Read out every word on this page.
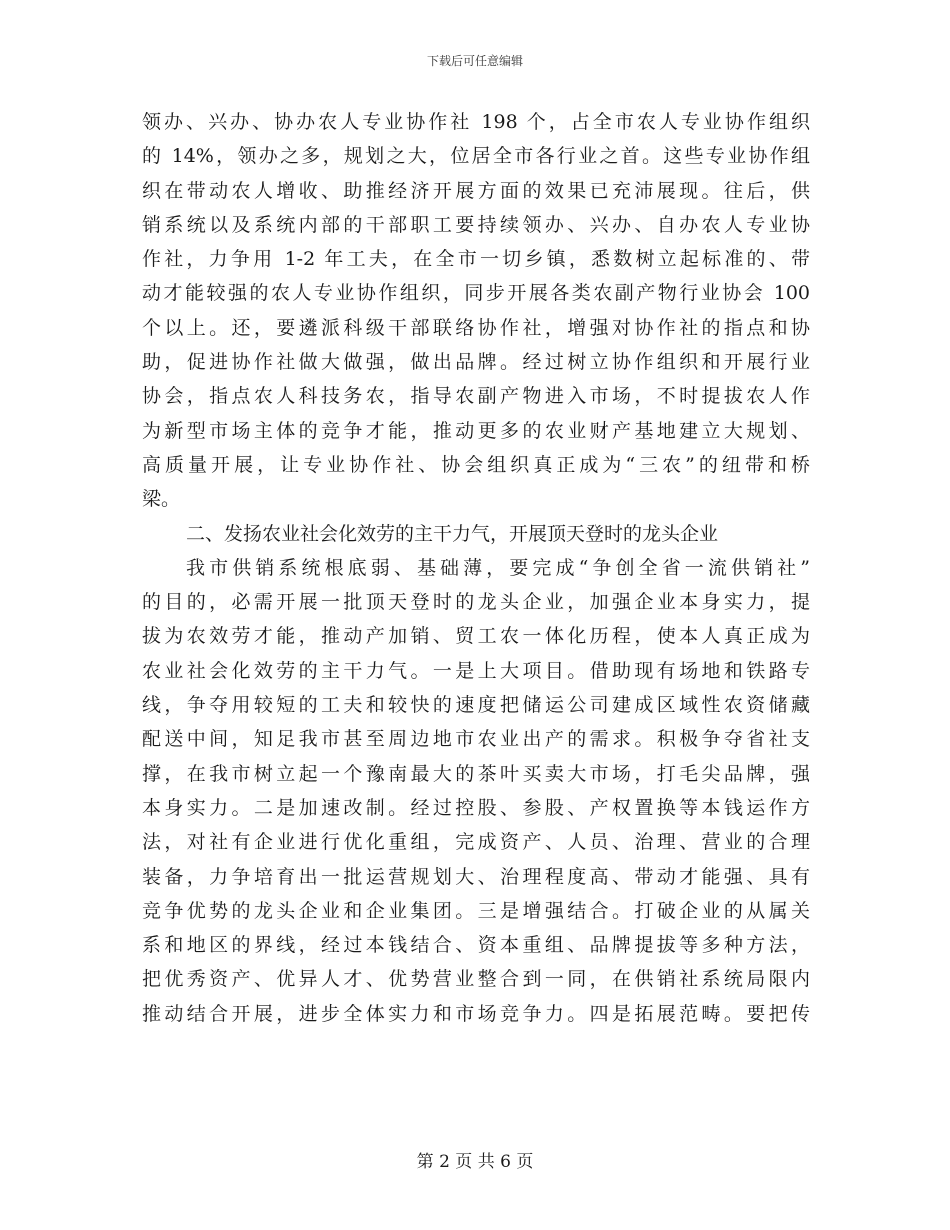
下载后可任意编辑
领办、兴办、协办农人专业协作社 198 个，占全市农人专业协作组织
的 14%，领办之多，规划之大，位居全市各行业之首。这些专业协作组
织在带动农人增收、助推经济开展方面的效果已充沛展现。往后，供
销系统以及系统内部的干部职工要持续领办、兴办、自办农人专业协
作社，力争用 1-2 年工夫，在全市一切乡镇，悉数树立起标准的、带
动才能较强的农人专业协作组织，同步开展各类农副产物行业协会 100
个以上。还，要遴派科级干部联络协作社，增强对协作社的指点和协
助，促进协作社做大做强，做出品牌。经过树立协作组织和开展行业
协会，指点农人科技务农，指导农副产物进入市场，不时提拔农人作
为新型市场主体的竞争才能，推动更多的农业财产基地建立大规划、
高质量开展，让专业协作社、协会组织真正成为“三农”的纽带和桥
梁。
二、发扬农业社会化效劳的主干力气，开展顶天登时的龙头企业
我市供销系统根底弱、基础薄，要完成“争创全省一流供销社”
的目的，必需开展一批顶天登时的龙头企业，加强企业本身实力，提
拔为农效劳才能，推动产加销、贸工农一体化历程，使本人真正成为
农业社会化效劳的主干力气。一是上大项目。借助现有场地和铁路专
线，争夺用较短的工夫和较快的速度把储运公司建成区域性农资储藏
配送中间，知足我市甚至周边地市农业出产的需求。积极争夺省社支
撑，在我市树立起一个豫南最大的茶叶买卖大市场，打毛尖品牌，强
本身实力。二是加速改制。经过控股、参股、产权置换等本钱运作方
法，对社有企业进行优化重组，完成资产、人员、治理、营业的合理
装备，力争培育出一批运营规划大、治理程度高、带动才能强、具有
竞争优势的龙头企业和企业集团。三是增强结合。打破企业的从属关
系和地区的界线，经过本钱结合、资本重组、品牌提拔等多种方法，
把优秀资产、优异人才、优势营业整合到一同，在供销社系统局限内
推动结合开展，进步全体实力和市场竞争力。四是拓展范畴。要把传
第 2 页 共 6 页
